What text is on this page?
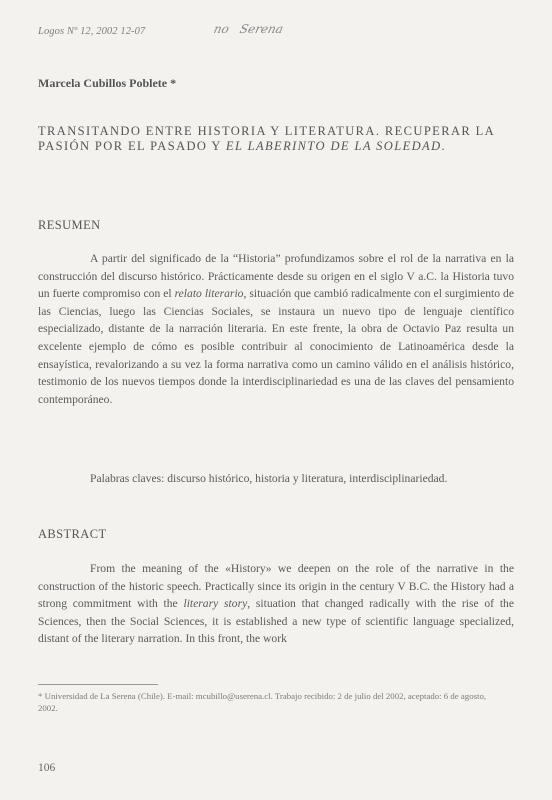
Logos Nº 12, 2002 12-07	no Serena
Marcela Cubillos Poblete *
TRANSITANDO ENTRE HISTORIA Y LITERATURA. RECUPERAR LA PASIÓN POR EL PASADO Y EL LABERINTO DE LA SOLEDAD.
RESUMEN

A partir del significado de la “Historia” profundizamos sobre el rol de la narrativa en la construcción del discurso histórico. Prácticamente desde su origen en el siglo V a.C. la Historia tuvo un fuerte compromiso con el relato literario, situación que cambió radicalmente con el surgimiento de las Ciencias, luego las Ciencias Sociales, se instaura un nuevo tipo de lenguaje científico especializado, distante de la narración literaria. En este frente, la obra de Octavio Paz resulta un excelente ejemplo de cómo es posible contribuir al conocimiento de Latinoamérica desde la ensayística, revalorizando a su vez la forma narrativa como un camino válido en el análisis histórico, testimonio de los nuevos tiempos donde la interdisciplinariedad es una de las claves del pensamiento contemporáneo.

Palabras claves: discurso histórico, historia y literatura, interdisciplinariedad.

ABSTRACT

From the meaning of the «History» we deepen on the role of the narrative in the construction of the historic speech. Practically since its origin in the century V B.C. the History had a strong commitment with the literary story, situation that changed radically with the rise of the Sciences, then the Social Sciences, it is established a new type of scientific language specialized, distant of the literary narration. In this front, the work

* Universidad de La Serena (Chile). E-mail: mcubillo@userena.cl. Trabajo recibido: 2 de julio del 2002, aceptado: 6 de agosto, 2002.
106
